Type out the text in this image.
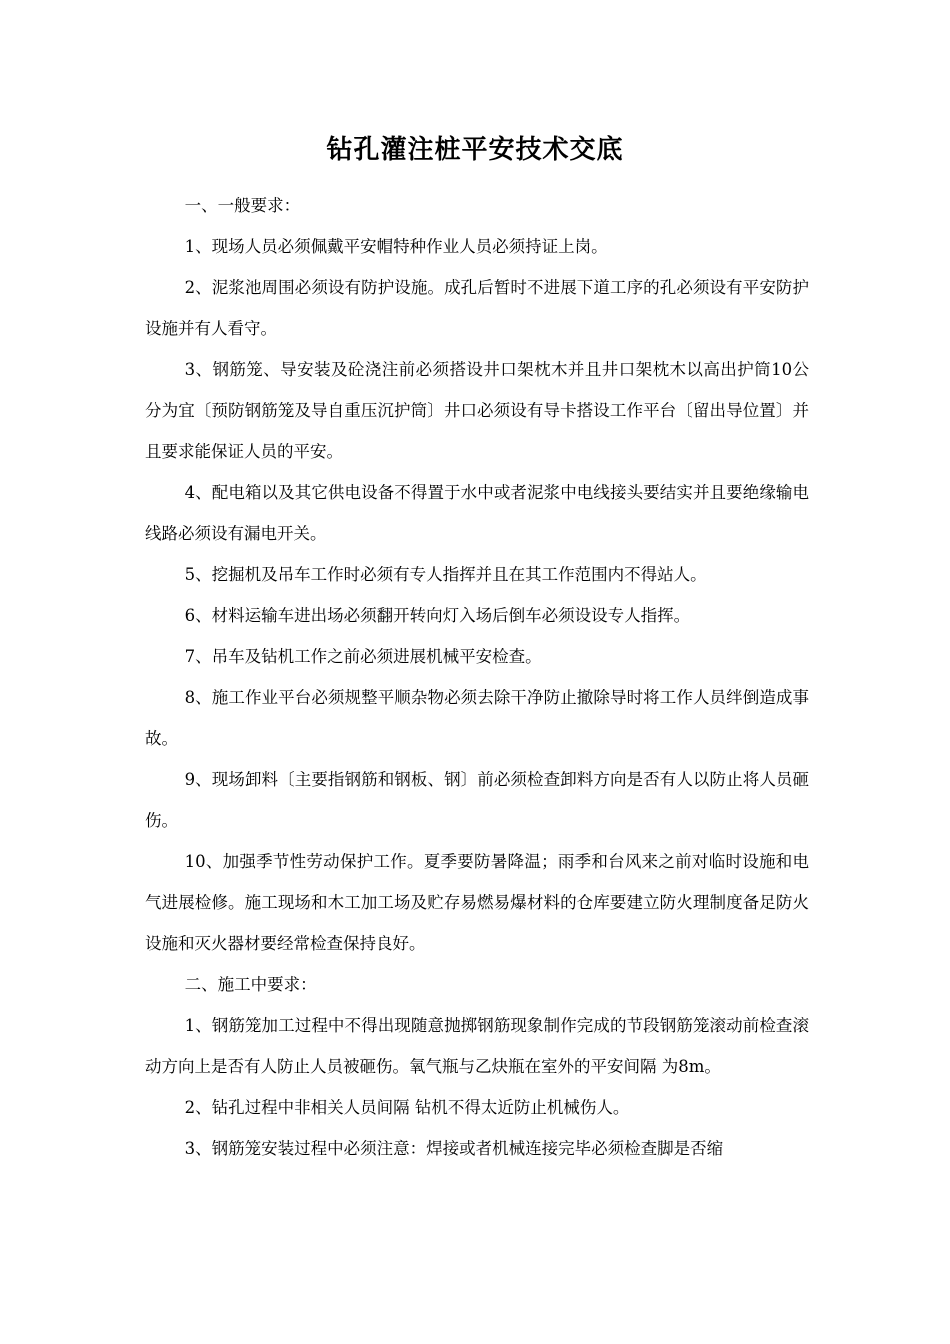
钻孔灌注桩平安技术交底

一、一般要求：

1、现场人员必须佩戴平安帽特种作业人员必须持证上岗。

2、泥浆池周围必须设有防护设施。成孔后暂时不进展下道工序的孔必须设有平安防护设施并有人看守。

3、钢筋笼、导安装及砼浇注前必须搭设井口架枕木并且井口架枕木以高出护筒10公分为宜〔预防钢筋笼及导自重压沉护筒〕井口必须设有导卡搭设工作平台〔留出导位置〕并且要求能保证人员的平安。

4、配电箱以及其它供电设备不得置于水中或者泥浆中电线接头要结实并且要绝缘输电线路必须设有漏电开关。

5、挖掘机及吊车工作时必须有专人指挥并且在其工作范围内不得站人。

6、材料运输车进出场必须翻开转向灯入场后倒车必须设设专人指挥。

7、吊车及钻机工作之前必须进展机械平安检查。

8、施工作业平台必须规整平顺杂物必须去除干净防止撤除导时将工作人员绊倒造成事故。

9、现场卸料〔主要指钢筋和钢板、钢〕前必须检查卸料方向是否有人以防止将人员砸伤。

10、加强季节性劳动保护工作。夏季要防暑降温；雨季和台风来之前对临时设施和电气进展检修。施工现场和木工加工场及贮存易燃易爆材料的仓库要建立防火理制度备足防火设施和灭火器材要经常检查保持良好。

二、施工中要求：

1、钢筋笼加工过程中不得出现随意抛掷钢筋现象制作完成的节段钢筋笼滚动前检查滚动方向上是否有人防止人员被砸伤。氧气瓶与乙炔瓶在室外的平安间隔 为8m。

2、钻孔过程中非相关人员间隔 钻机不得太近防止机械伤人。

3、钢筋笼安装过程中必须注意：焊接或者机械连接完毕必须检查脚是否缩
